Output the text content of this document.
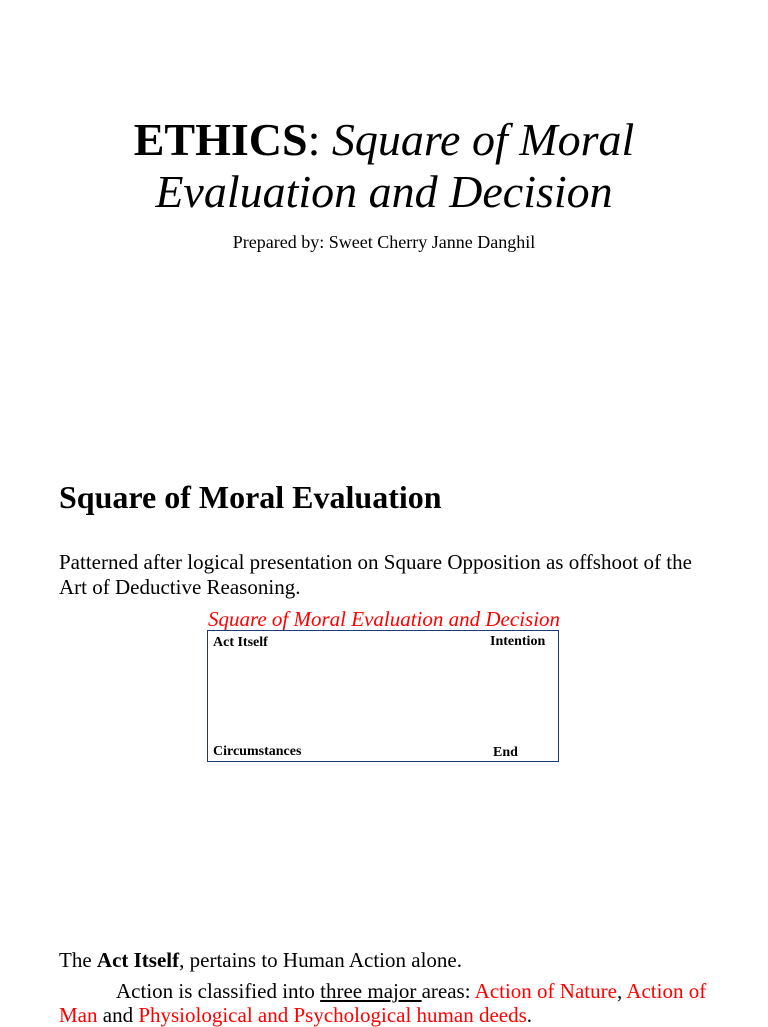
ETHICS: Square of Moral
Evaluation and Decision
Prepared by: Sweet Cherry Janne Danghil
Square of Moral Evaluation
Patterned after logical presentation on Square Opposition as offshoot of the Art of Deductive Reasoning.
Square of Moral Evaluation and Decision
Act Itself	Intention
Circumstances	End
The Act Itself, pertains to Human Action alone.
Action is classified into three major areas: Action of Nature, Action of Man and Physiological and Psychological human deeds.
